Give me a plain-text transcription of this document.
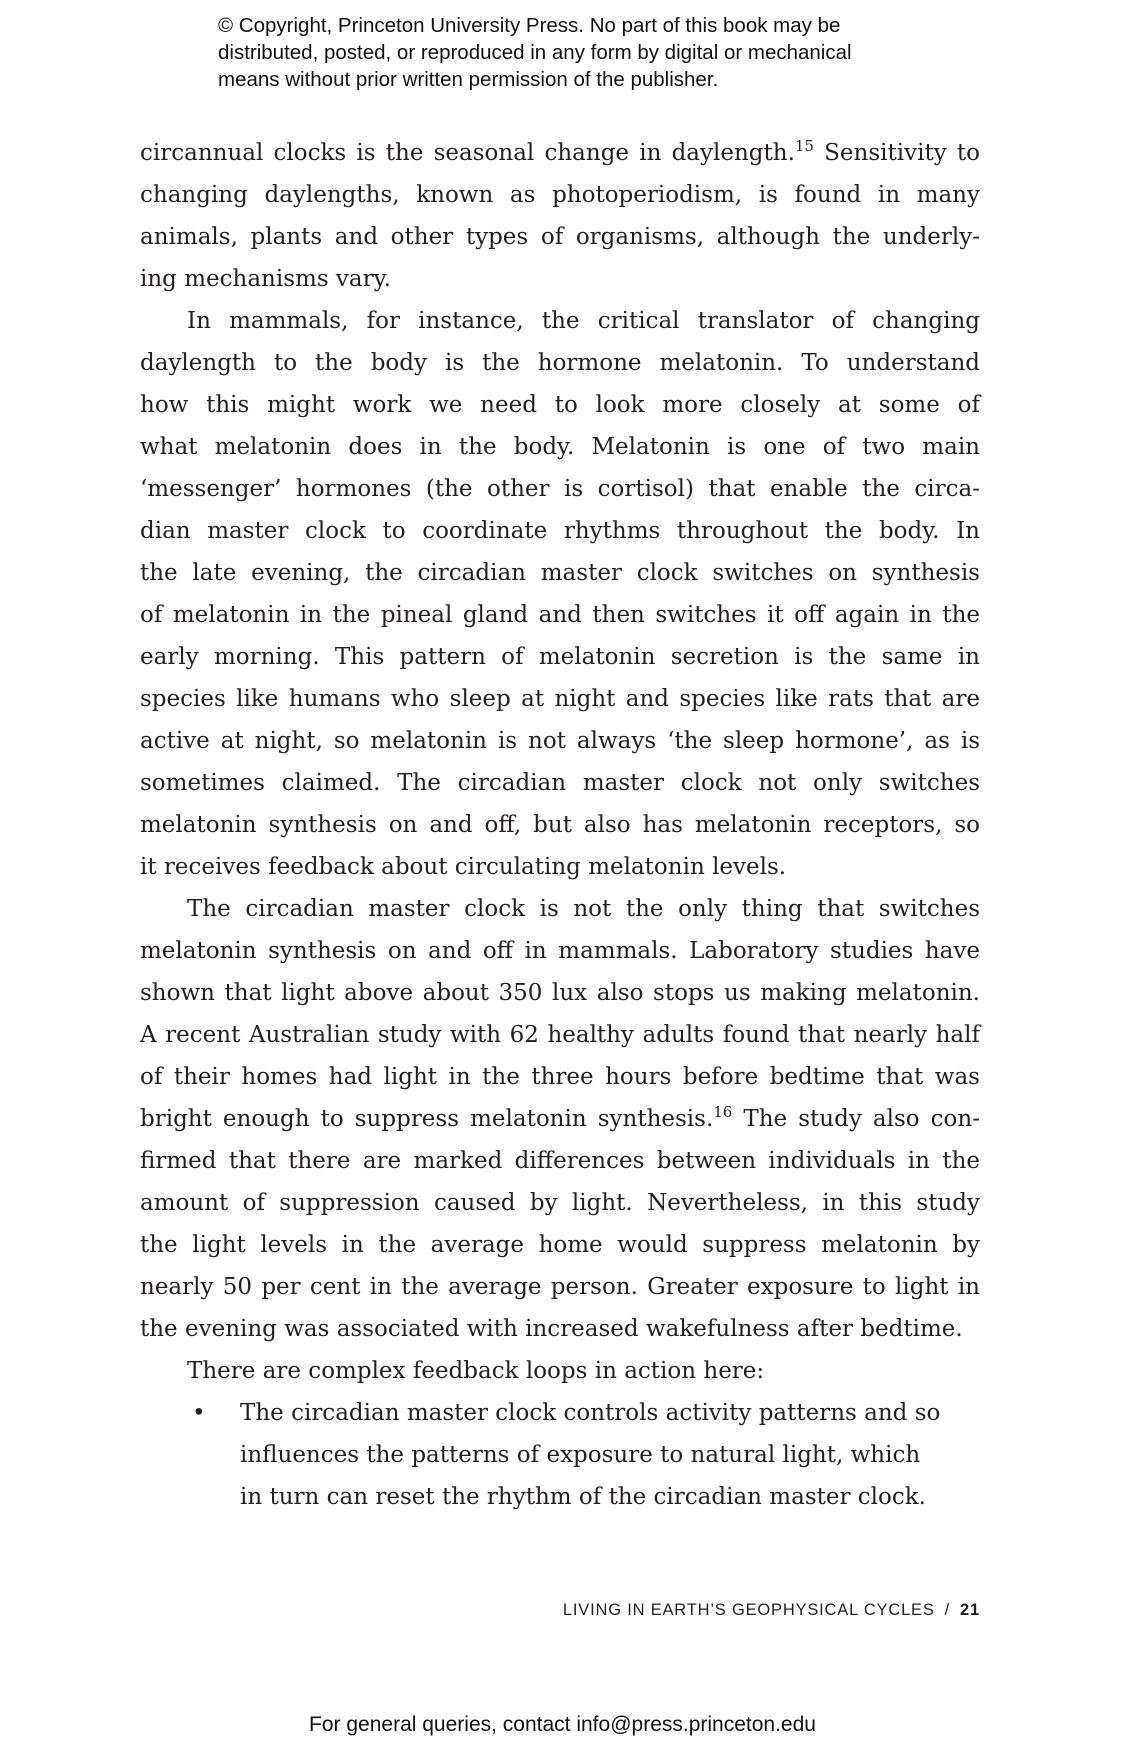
© Copyright, Princeton University Press. No part of this book may be
distributed, posted, or reproduced in any form by digital or mechanical
means without prior written permission of the publisher.
circannual clocks is the seasonal change in daylength.$^{15}$ Sensitivity to
changing daylengths, known as photoperiodism, is found in many
animals, plants and other types of organisms, although the underly-
ing mechanisms vary.
In mammals, for instance, the critical translator of changing
daylength to the body is the hormone melatonin. To understand
how this might work we need to look more closely at some of
what melatonin does in the body. Melatonin is one of two main
‘messenger’ hormones (the other is cortisol) that enable the circa-
dian master clock to coordinate rhythms throughout the body. In
the late evening, the circadian master clock switches on synthesis
of melatonin in the pineal gland and then switches it off again in the
early morning. This pattern of melatonin secretion is the same in
species like humans who sleep at night and species like rats that are
active at night, so melatonin is not always ‘the sleep hormone’, as is
sometimes claimed. The circadian master clock not only switches
melatonin synthesis on and off, but also has melatonin receptors, so
it receives feedback about circulating melatonin levels.
The circadian master clock is not the only thing that switches
melatonin synthesis on and off in mammals. Laboratory studies have
shown that light above about 350 lux also stops us making melatonin.
A recent Australian study with 62 healthy adults found that nearly half
of their homes had light in the three hours before bedtime that was
bright enough to suppress melatonin synthesis.$^{16}$ The study also con-
firmed that there are marked differences between individuals in the
amount of suppression caused by light. Nevertheless, in this study
the light levels in the average home would suppress melatonin by
nearly 50 per cent in the average person. Greater exposure to light in
the evening was associated with increased wakefulness after bedtime.
There are complex feedback loops in action here:
• The circadian master clock controls activity patterns and so
influences the patterns of exposure to natural light, which
in turn can reset the rhythm of the circadian master clock.
LIVING IN EARTH’S GEOPHYSICAL CYCLES / 21
For general queries, contact info@press.princeton.edu
